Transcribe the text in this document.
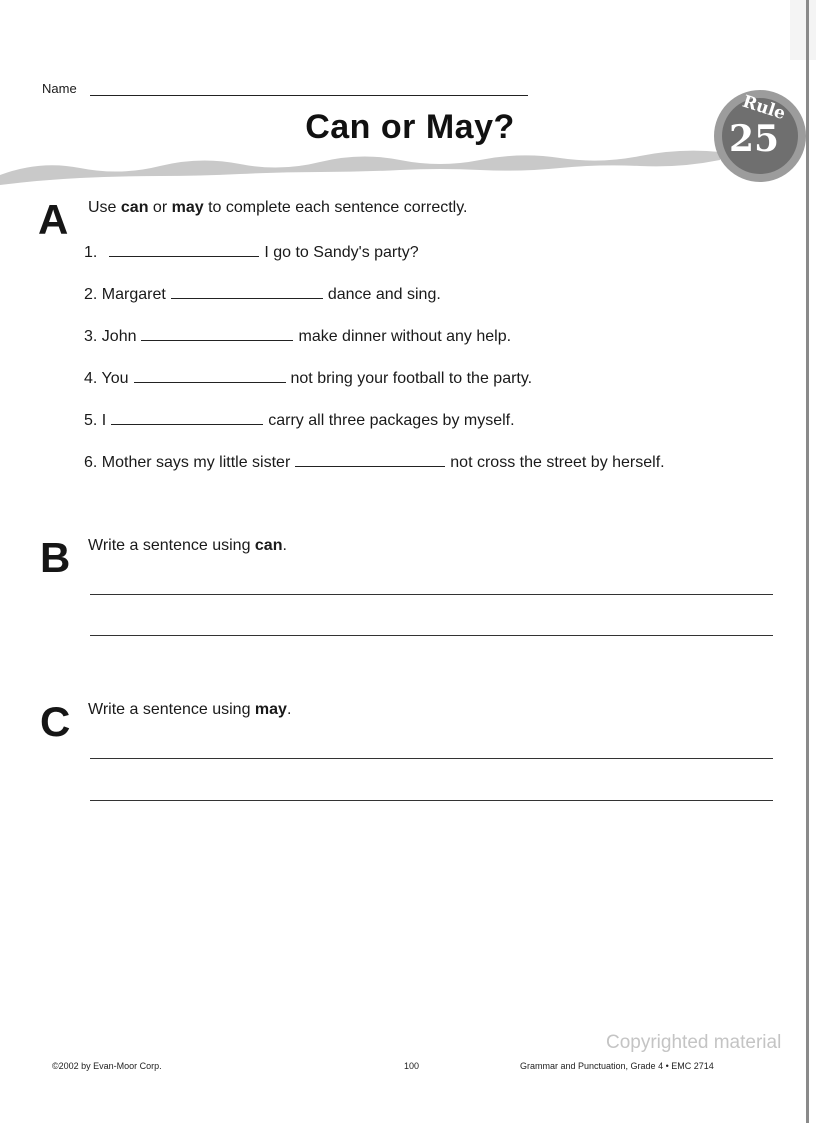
Name
Can or May?	Rule
25
A Use can or may to complete each sentence correctly.
1.	I go to Sandy's party?
2. Margaret	dance and sing.
3. John	make dinner without any help.
4. You	not bring your football to the party.
5. I	carry all three packages by myself.
6. Mother says my little sister	not cross the street by herself.
B Write a sentence using can.
C Write a sentence using may.
Copyrighted material
©2002 by Evan-Moor Corp.	100	Grammar and Punctuation, Grade 4 • EMC 2714
